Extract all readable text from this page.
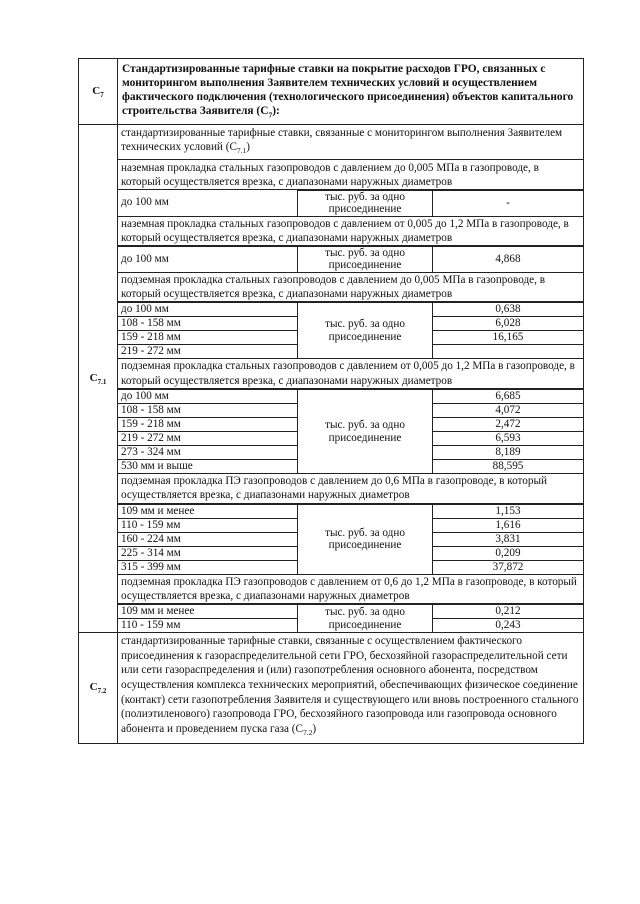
$С_7$	Стандартизированные тарифные ставки на покрытие расходов ГРО, связанных с мониторингом выполнения Заявителем технических условий и осуществлением фактического подключения (технологического присоединения) объектов капитального строительства Заявителя $(С_7)$:
$С_{7.1}$	
стандартизированные тарифные ставки, связанные с мониторингом выполнения Заявителем технических условий $(С_{7.1})$
наземная прокладка стальных газопроводов с давлением до 0,005 МПа в газопроводе, в который осуществляется врезка, с диапазонами наружных диаметров
до 100 мм	тыс. руб. за одно присоединение	-
наземная прокладка стальных газопроводов с давлением от 0,005 до 1,2 МПа в газопроводе, в который осуществляется врезка, с диапазонами наружных диаметров
до 100 мм	тыс. руб. за одно присоединение	4,868
подземная прокладка стальных газопроводов с давлением до 0,005 МПа в газопроводе, в который осуществляется врезка, с диапазонами наружных диаметров
до 100 мм	тыс. руб. за одно присоединение	0,638
108 - 158 мм	6,028
159 - 218 мм	16,165
219 - 272 мм	
подземная прокладка стальных газопроводов с давлением от 0,005 до 1,2 МПа в газопроводе, в который осуществляется врезка, с диапазонами наружных диаметров
до 100 мм	тыс. руб. за одно присоединение	6,685
108 - 158 мм	4,072
159 - 218 мм	2,472
219 - 272 мм	6,593
273 - 324 мм	8,189
530 мм и выше	88,595
подземная прокладка ПЭ газопроводов с давлением до 0,6 МПа в газопроводе, в который осуществляется врезка, с диапазонами наружных диаметров
109 мм и менее	тыс. руб. за одно присоединение	1,153
110 - 159 мм	1,616
160 - 224 мм	3,831
225 - 314 мм	0,209
315 - 399 мм	37,872
подземная прокладка ПЭ газопроводов с давлением от 0,6 до 1,2 МПа в газопроводе, в который осуществляется врезка, с диапазонами наружных диаметров
109 мм и менее	тыс. руб. за одно присоединение	0,212
110 - 159 мм	0,243

$С_{7.2}$	стандартизированные тарифные ставки, связанные с осуществлением фактического присоединения к газораспределительной сети ГРО, бесхозяйной газораспределительной сети или сети газораспределения и (или) газопотребления основного абонента, посредством осуществления комплекса технических мероприятий, обеспечивающих физическое соединение (контакт) сети газопотребления Заявителя и существующего или вновь построенного стального (полиэтиленового) газопровода ГРО, бесхозяйного газопровода или газопровода основного абонента и проведением пуска газа $(С_{7.2})$
